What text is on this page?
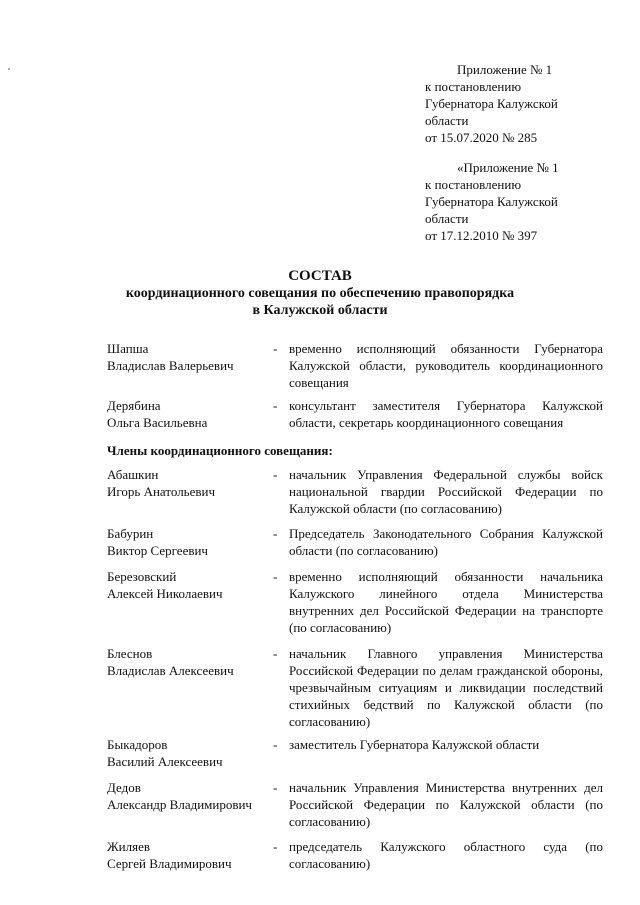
Приложение № 1
к постановлению
Губернатора Калужской
области
от 15.07.2020 № 285
«Приложение № 1
к постановлению
Губернатора Калужской
области
от 17.12.2010 № 397
СОСТАВ
координационного совещания по обеспечению правопорядка
в Калужской области
Шапша
Владислав Валерьевич
- временно исполняющий обязанности Губернатора Калужской области, руководитель координационного совещания
Дерябина
Ольга Васильевна
- консультант заместителя Губернатора Калужской области, секретарь координационного совещания
Члены координационного совещания:
Абашкин
Игорь Анатольевич
- начальник Управления Федеральной службы войск национальной гвардии Российской Федерации по Калужской области (по согласованию)
Бабурин
Виктор Сергеевич
- Председатель Законодательного Собрания Калужской области (по согласованию)
Березовский
Алексей Николаевич
- временно исполняющий обязанности начальника Калужского линейного отдела Министерства внутренних дел Российской Федерации на транспорте (по согласованию)
Блеснов
Владислав Алексеевич
- начальник Главного управления Министерства Российской Федерации по делам гражданской обороны, чрезвычайным ситуациям и ликвидации последствий стихийных бедствий по Калужской области (по согласованию)
Быкадоров
Василий Алексеевич
- заместитель Губернатора Калужской области
Дедов
Александр Владимирович
- начальник Управления Министерства внутренних дел Российской Федерации по Калужской области (по согласованию)
Жиляев
Сергей Владимирович
- председатель Калужского областного суда (по согласованию)
